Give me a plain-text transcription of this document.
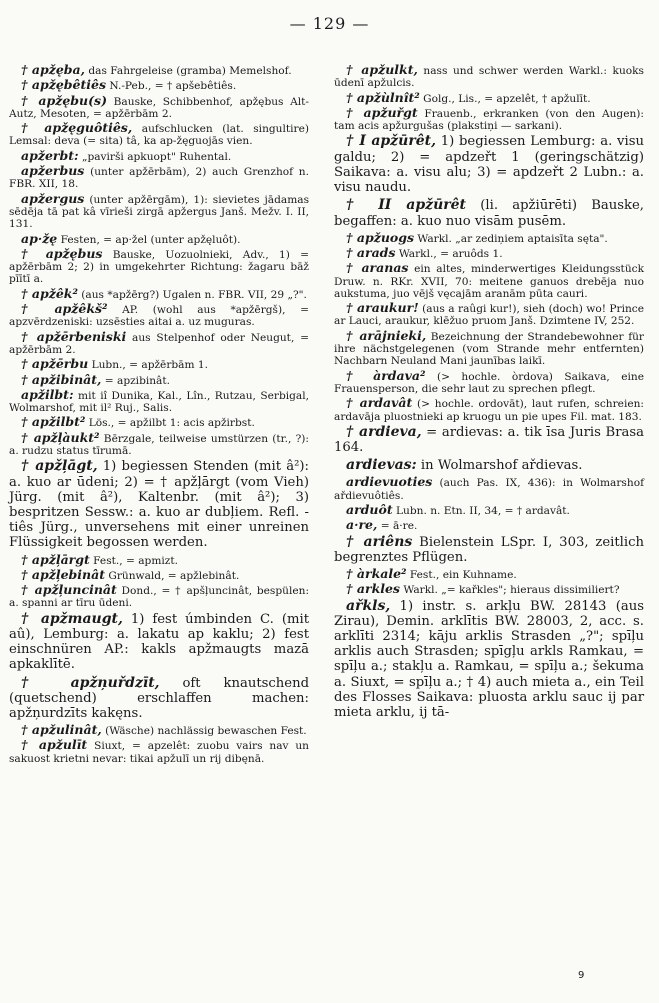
— 129 —
† apžęba, das Fahrgeleise (gramba) Memelshof.
† apžębêtiês N.-Peb., = † apšebêtiês.
† apžębu(s) Bauske, Schibbenhof, apžębus Alt-Autz, Mesoten, = apžērbām 2.
† apžęguôtiês, aufschlucken (lat. singultire) Lemsal: deva (= sita) tâ, ka ap-žęguojās vien.
apžerbt: „pavirši apkuopt" Ruhental.
apžerbus (unter apžērbām), 2) auch Grenzhof n. FBR. XII, 18.
apžergus (unter apžērgām), 1): sievietes jādamas sēdēja tā pat kâ vīrieši zirgā apžergus Janš. Mežv. I. II, 131.
ap·žę Festen, = ap·žel (unter apžęluôt).
† apžębus Bauske, Uozuolnieki, Adv., 1) = apžērbām 2; 2) in umgekehrter Richtung: žagaru bāž pīītī a.
† apžêk² (aus *apžērg?) Ugalen n. FBR. VII, 29 „?".
† apžêkš² AP. (wohl aus *apžērgš), = apzvērdzeniski: uzsēsties aitai a. uz muguras.
† apžērbeniski aus Stelpenhof oder Neugut, = apžērbām 2.
† apžērbu Lubn., = apžērbām 1.
† apžibinât, = apzibinât.
apžilbt: mit iî Dunika, Kal., Lîn., Rutzau, Serbigal, Wolmarshof, mit il² Ruj., Salis.
† apžilbt² Lös., = apžilbt 1: acis apžirbst.
† apžļàukt² Bērzgale, teilweise umstürzen (tr., ?): a. rudzu status tīrumā.
† apžļāgt, 1) begiessen Stenden (mit â²): a. kuo ar ūdeni; 2) = † apžļārgt (vom Vieh) Jürg. (mit â²), Kaltenbr. (mit â²); 3) bespritzen Sessw.: a. kuo ar dubļiem. Refl. -tiês Jürg., unversehens mit einer unreinen Flüssigkeit begossen werden.
† apžļārgt Fest., = apmizt.
† apžļebinât Grünwald, = apžlebinât.
† apžļuncinât Dond., = † apšļuncinât, bespülen: a. spanni ar tīru ūdeni.
† apžmaugt, 1) fest úmbinden C. (mit aû), Lemburg: a. lakatu ap kaklu; 2) fest einschnüren AP.: kakls apžmaugts mazā apkaklītē.
† apžņuřdzīt, oft knautschend (quetschend) erschlaffen machen: apžņurdzīts kakęns.
† apžulinât, (Wäsche) nachlässig bewaschen Fest.
† apžulīt Siuxt, = apzelêt: zuobu vairs nav un sakuost krietni nevar: tikai apžulī un rij dibęnā.
† apžulkt, nass und schwer werden Warkl.: kuoks ūdenī apžulcis.
† apžùlnît² Golg., Lis., = apzelêt, † apžulīt.
† apžuřgt Frauenb., erkranken (von den Augen): tam acis apžurgušas (plakstiņi — sarkani).
† I apžūrêt, 1) begiessen Lemburg: a. visu galdu; 2) = apdzeřt 1 (geringschätzig) Saikava: a. visu alu; 3) = apdzeřt 2 Lubn.: a. visu naudu.
† II apžūrêt (li. apžiūrēti) Bauske, begaffen: a. kuo nuo visām pusēm.
† apžuogs Warkl. „ar zediņiem aptaisīta sęta".
† arads Warkl., = aruôds 1.
† aranas ein altes, minderwertiges Kleidungsstück Druw. n. RKr. XVII, 70: meitene ganuos drebēja nuo aukstuma, juo vējš vęcajām aranām pūta cauri.
† araukur! (aus a raûgi kur!), sieh (doch) wo! Prince ar Lauci, araukur, klēžuo pruom Janš. Dzimtene IV, 252.
† arājnieki, Bezeichnung der Strandebewohner für ihre nächstgelegenen (vom Strande mehr entfernten) Nachbarn Neuland Mani jaunības laikī.
† àrdava² (> hochle. òrdova) Saikava, eine Frauensperson, die sehr laut zu sprechen pflegt.
† ardavât (> hochle. ordovāt), laut rufen, schreien: ardavāja pluostnieki ap kruogu un pie upes Fil. mat. 183.
† ardieva, = ardievas: a. tik īsa Juris Brasa 164.
ardievas: in Wolmarshof ařdievas.
ardievuoties (auch Pas. IX, 436): in Wolmarshof ařdievuôtiês.
arduôt Lubn. n. Etn. II, 34, = † ardavât.
a·re, = ā·re.
† ariêns Bielenstein LSpr. I, 303, zeitlich begrenztes Pflügen.
† àrkale² Fest., ein Kuhname.
† arkles Warkl. „= kařkles"; hieraus dissimiliert?
ařkls, 1) instr. s. arkļu BW. 28143 (aus Zirau), Demin. arklītis BW. 28003, 2, acc. s. arklīti 2314; kāju arklis Strasden „?"; spīļu arklis auch Strasden; spīgļu arkls Ramkau, = spīļu a.; stakļu a. Ramkau, = spīļu a.; šekuma a. Siuxt, = spīļu a.; † 4) auch mieta a., ein Teil des Flosses Saikava: pluosta arklu sauc ij par mieta arklu, ij tā-
9
